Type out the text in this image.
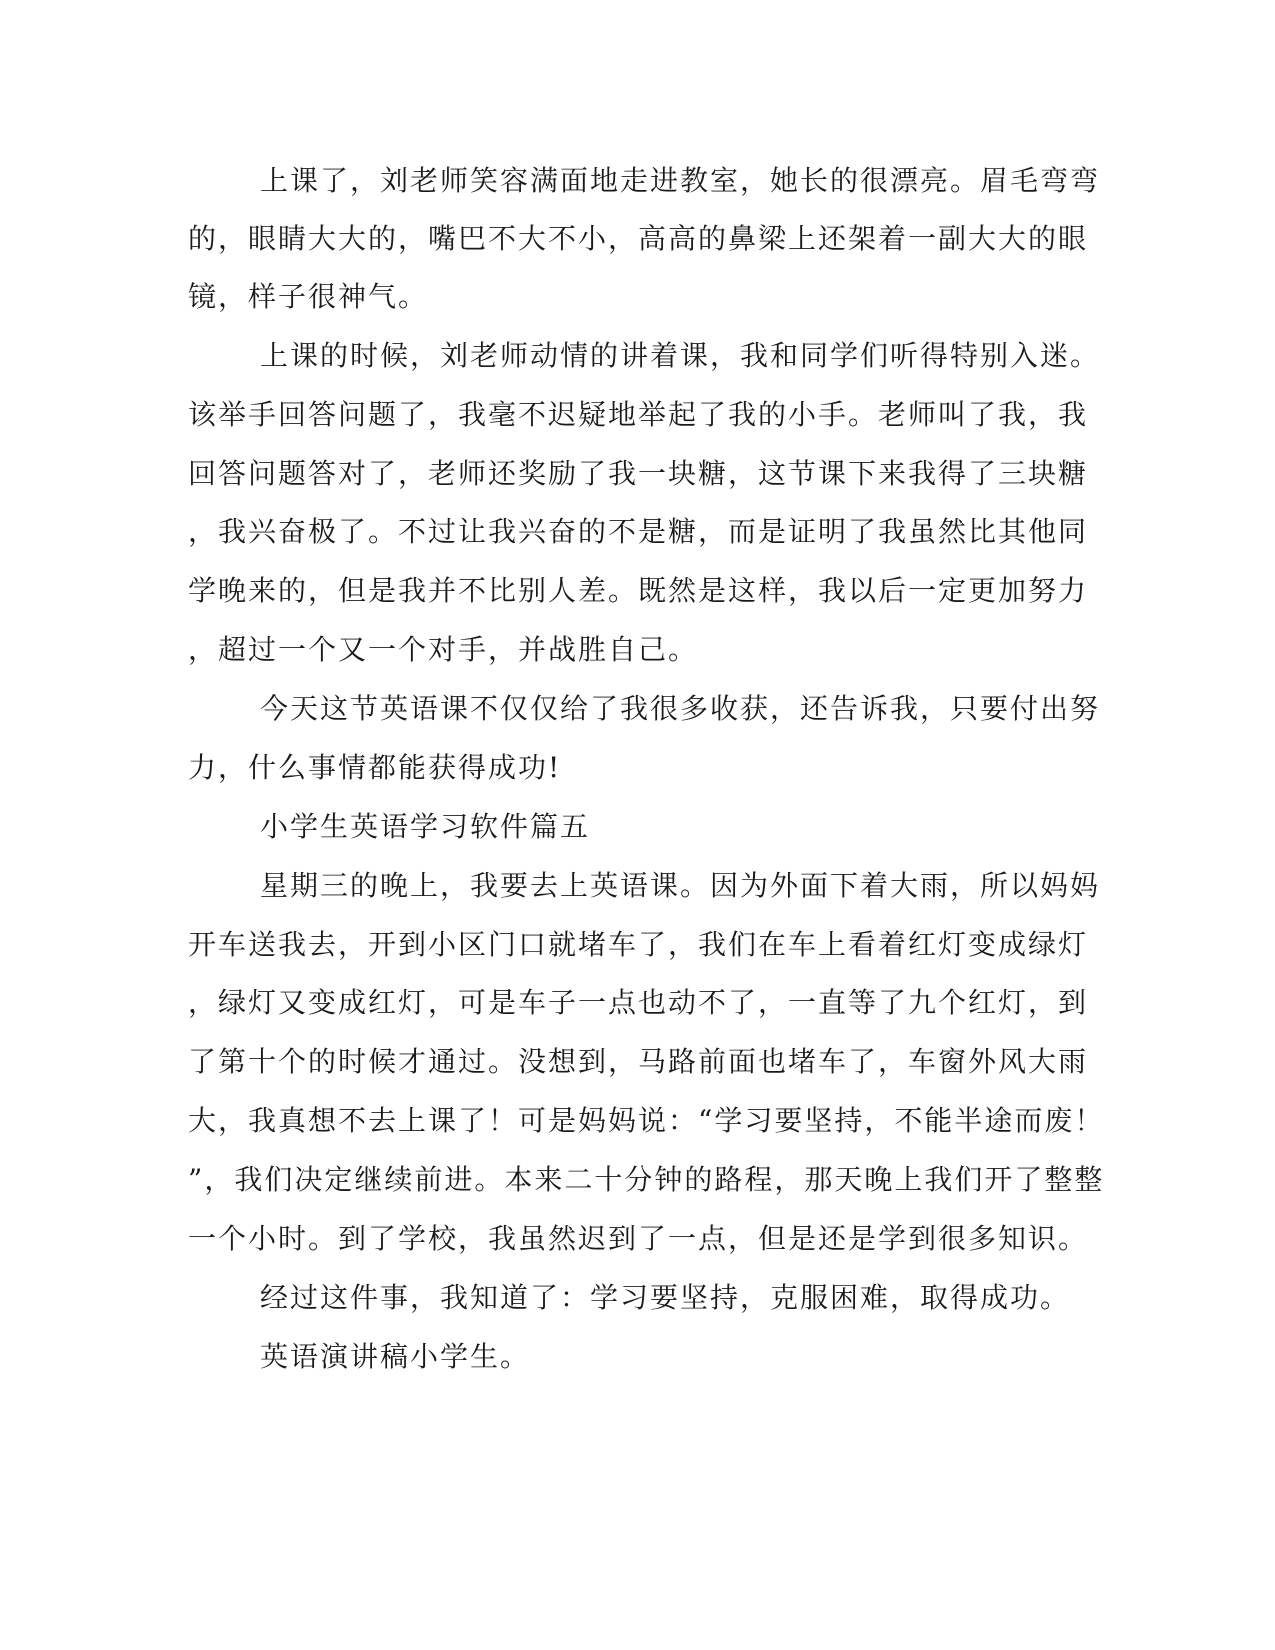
上课了，刘老师笑容满面地走进教室，她长的很漂亮。眉毛弯弯
的，眼睛大大的，嘴巴不大不小，高高的鼻梁上还架着一副大大的眼
镜，样子很神气。
上课的时候，刘老师动情的讲着课，我和同学们听得特别入迷。
该举手回答问题了，我毫不迟疑地举起了我的小手。老师叫了我，我
回答问题答对了，老师还奖励了我一块糖，这节课下来我得了三块糖
，我兴奋极了。不过让我兴奋的不是糖，而是证明了我虽然比其他同
学晚来的，但是我并不比别人差。既然是这样，我以后一定更加努力
，超过一个又一个对手，并战胜自己。
今天这节英语课不仅仅给了我很多收获，还告诉我，只要付出努
力，什么事情都能获得成功!
小学生英语学习软件篇五
星期三的晚上，我要去上英语课。因为外面下着大雨，所以妈妈
开车送我去，开到小区门口就堵车了，我们在车上看着红灯变成绿灯
，绿灯又变成红灯，可是车子一点也动不了，一直等了九个红灯，到
了第十个的时候才通过。没想到，马路前面也堵车了，车窗外风大雨
大，我真想不去上课了！可是妈妈说：“学习要坚持，不能半途而废！
”，我们决定继续前进。本来二十分钟的路程，那天晚上我们开了整整
一个小时。到了学校，我虽然迟到了一点，但是还是学到很多知识。
经过这件事，我知道了：学习要坚持，克服困难，取得成功。
英语演讲稿小学生。
